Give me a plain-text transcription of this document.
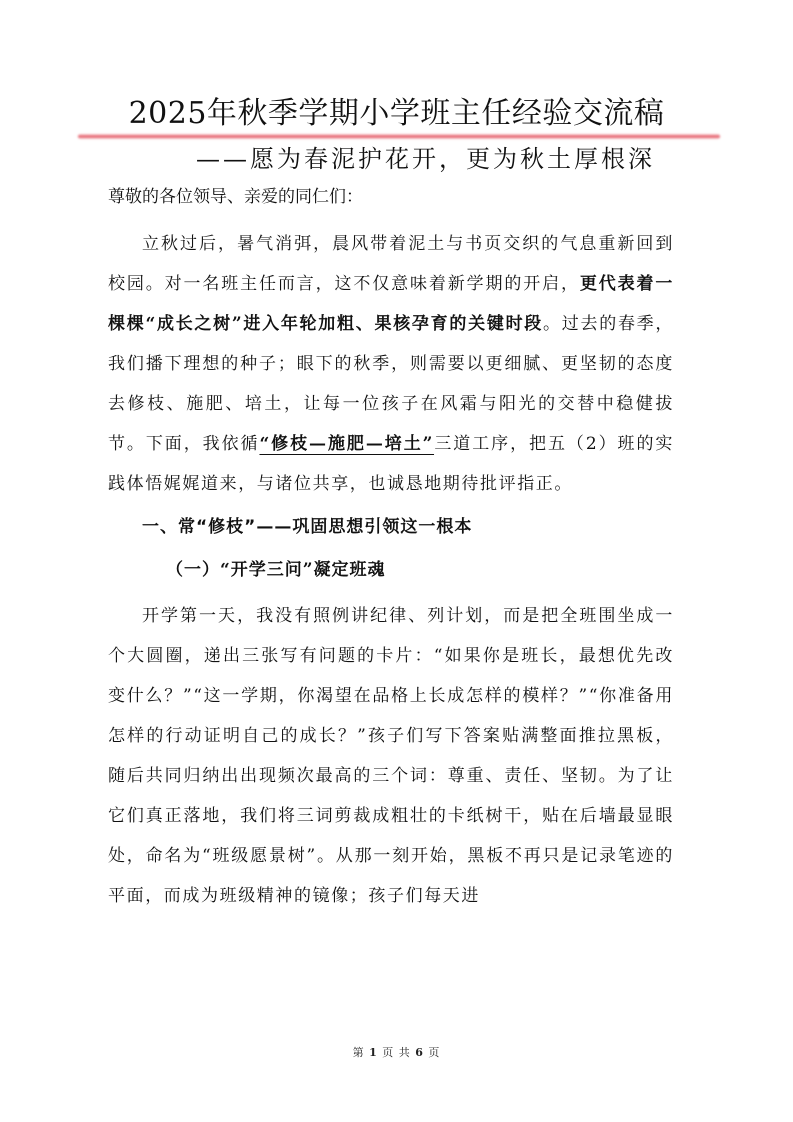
2025年秋季学期小学班主任经验交流稿
——愿为春泥护花开，更为秋土厚根深

尊敬的各位领导、亲爱的同仁们：

立秋过后，暑气消弭，晨风带着泥土与书页交织的气息重新回到校园。对一名班主任而言，这不仅意味着新学期的开启，更代表着一棵棵“成长之树”进入年轮加粗、果核孕育的关键时段。过去的春季，我们播下理想的种子；眼下的秋季，则需要以更细腻、更坚韧的态度去修枝、施肥、培土，让每一位孩子在风霜与阳光的交替中稳健拔节。下面，我依循“修枝—施肥—培土”三道工序，把五（2）班的实践体悟娓娓道来，与诸位共享，也诚恳地期待批评指正。

一、常“修枝”——巩固思想引领这一根本
（一）“开学三问”凝定班魂

开学第一天，我没有照例讲纪律、列计划，而是把全班围坐成一个大圆圈，递出三张写有问题的卡片：“如果你是班长，最想优先改变什么？”“这一学期，你渴望在品格上长成怎样的模样？”“你准备用怎样的行动证明自己的成长？”孩子们写下答案贴满整面推拉黑板，随后共同归纳出出现频次最高的三个词：尊重、责任、坚韧。为了让它们真正落地，我们将三词剪裁成粗壮的卡纸树干，贴在后墙最显眼处，命名为“班级愿景树”。从那一刻开始，黑板不再只是记录笔迹的平面，而成为班级精神的镜像；孩子们每天进

第 1 页 共 6 页
